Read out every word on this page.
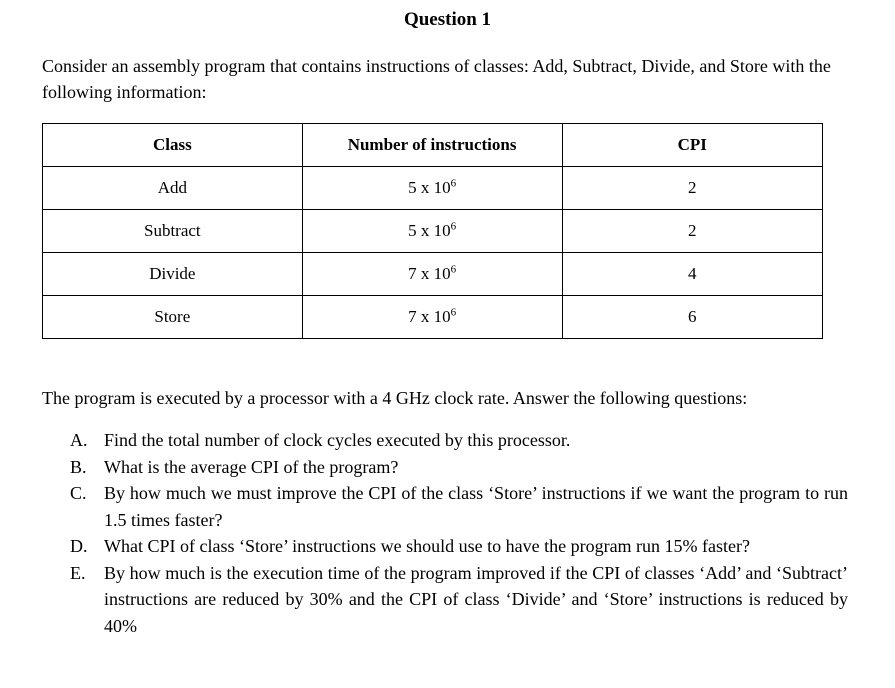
Question 1

Consider an assembly program that contains instructions of classes: Add, Subtract, Divide, and Store with the following information:

Class	Number of instructions	CPI
Add	5 x $10^6$	2
Subtract	5 x $10^6$	2
Divide	7 x $10^6$	4
Store	7 x $10^6$	6

The program is executed by a processor with a 4 GHz clock rate. Answer the following questions:

A. Find the total number of clock cycles executed by this processor.
B. What is the average CPI of the program?
C. By how much we must improve the CPI of the class ‘Store’ instructions if we want the program to run 1.5 times faster?
D. What CPI of class ‘Store’ instructions we should use to have the program run 15% faster?
E. By how much is the execution time of the program improved if the CPI of classes ‘Add’ and ‘Subtract’ instructions are reduced by 30% and the CPI of class ‘Divide’ and ‘Store’ instructions is reduced by 40%
